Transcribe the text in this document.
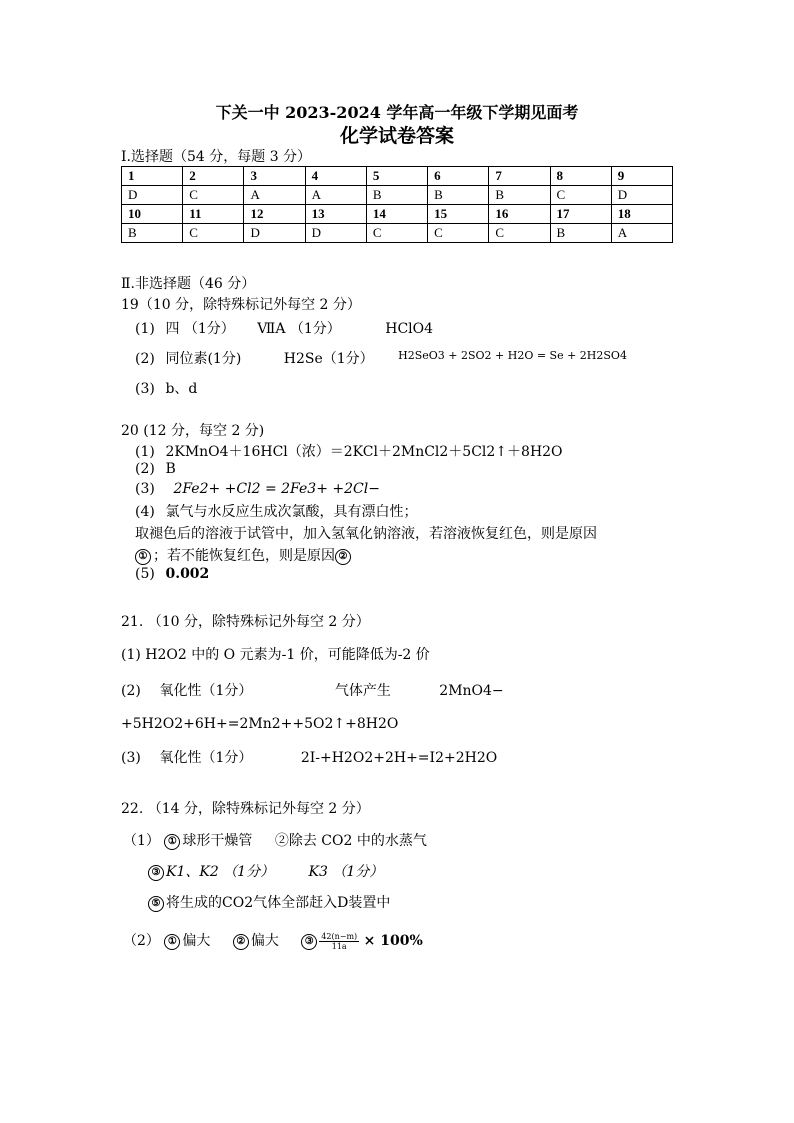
下关一中 2023-2024 学年高一年级下学期见面考
化学试卷答案
Ⅰ.选择题（54 分，每题 3 分）
1	2	3	4	5	6	7	8	9
D	C	A	A	B	B	B	C	D
10	11	12	13	14	15	16	17	18
B	C	D	D	C	C	C	B	A
Ⅱ.非选择题（46 分）
19（10 分，除特殊标记外每空 2 分）
(1) 四 （1分） ⅦA （1分）	HClO4
(2) 同位素(1分)	H2Se（1分） $^{H2SeO3 + 2SO2 + H2O = Se + 2H2SO4}$
(3) b、d
20 (12 分，每空 2 分)
(1) 2KMnO4＋16HCl（浓）＝2KCl＋2MnCl2＋5Cl2↑＋8H2O
(2) B
(3) 2Fe2+ +Cl2 = 2Fe3+ +2Cl−
(4) 氯气与水反应生成次氯酸，具有漂白性；
取褪色后的溶液于试管中，加入氢氧化钠溶液，若溶液恢复红色，则是原因
① ；若不能恢复红色，则是原因 ②
(5) 0.002
21. （10 分，除特殊标记外每空 2 分）
(1) H2O2 中的 O 元素为-1 价，可能降低为-2 价
(2) 氧化性（1分）	气体产生	2MnO4−
+5H2O2+6H+=2Mn2++5O2↑+8H2O
(3) 氧化性（1分）	2I-+H2O2+2H+=I2+2H2O
22. （14 分，除特殊标记外每空 2 分）
（1） ① 球形干燥管 ②除去 CO2 中的水蒸气
③ K1、K2 （1分） K3 （1分）
⑤ 将生成的CO2气体全部赶入D装置中
（2） ① 偏大	② 偏大	③ $\frac{42(n-m)}{11a} \times 100\%$
